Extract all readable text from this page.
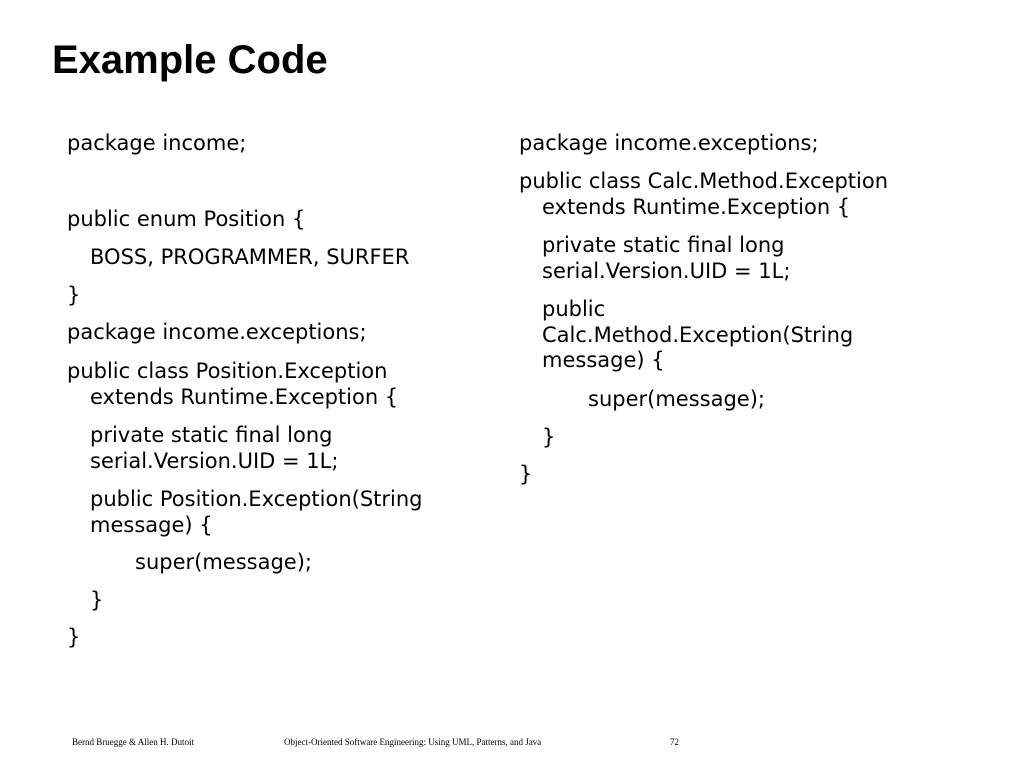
Example Code

package income;

public enum Position {

BOSS, PROGRAMMER, SURFER

}

package income.exceptions;

public class Position.Exception

extends Runtime.Exception {

private static final long

serial.Version.UID = 1L;

public Position.Exception(String

message) {

super(message);

}

}

package income.exceptions;

public class Calc.Method.Exception

extends Runtime.Exception {

private static final long

serial.Version.UID = 1L;

public

Calc.Method.Exception(String

message) {

super(message);

}

}

Bernd Bruegge & Allen H. Dutoit	Object-Oriented Software Engineering: Using UML, Patterns, and Java	72
